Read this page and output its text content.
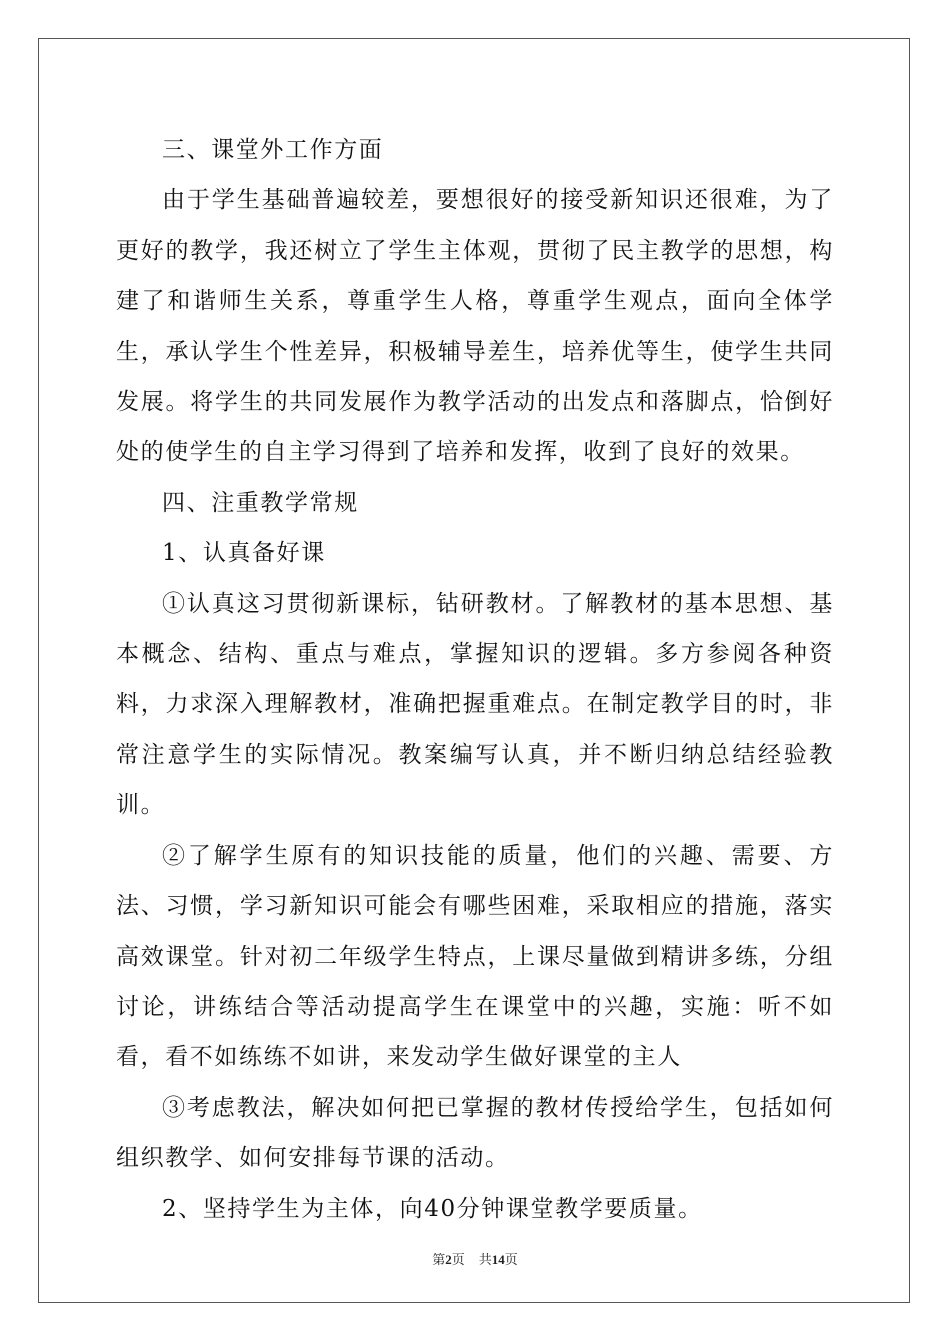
三、课堂外工作方面

由于学生基础普遍较差，要想很好的接受新知识还很难，为了更好的教学，我还树立了学生主体观，贯彻了民主教学的思想，构建了和谐师生关系，尊重学生人格，尊重学生观点，面向全体学生，承认学生个性差异，积极辅导差生，培养优等生，使学生共同发展。将学生的共同发展作为教学活动的出发点和落脚点，恰倒好处的使学生的自主学习得到了培养和发挥，收到了良好的效果。

四、注重教学常规

1、认真备好课

①认真这习贯彻新课标，钻研教材。了解教材的基本思想、基本概念、结构、重点与难点，掌握知识的逻辑。多方参阅各种资料，力求深入理解教材，准确把握重难点。在制定教学目的时，非常注意学生的实际情况。教案编写认真，并不断归纳总结经验教训。

②了解学生原有的知识技能的质量，他们的兴趣、需要、方法、习惯，学习新知识可能会有哪些困难，采取相应的措施，落实高效课堂。针对初二年级学生特点，上课尽量做到精讲多练，分组讨论，讲练结合等活动提高学生在课堂中的兴趣，实施：听不如看，看不如练练不如讲，来发动学生做好课堂的主人

③考虑教法，解决如何把已掌握的教材传授给学生，包括如何组织教学、如何安排每节课的活动。

2、坚持学生为主体，向40分钟课堂教学要质量。

第2页 共14页
